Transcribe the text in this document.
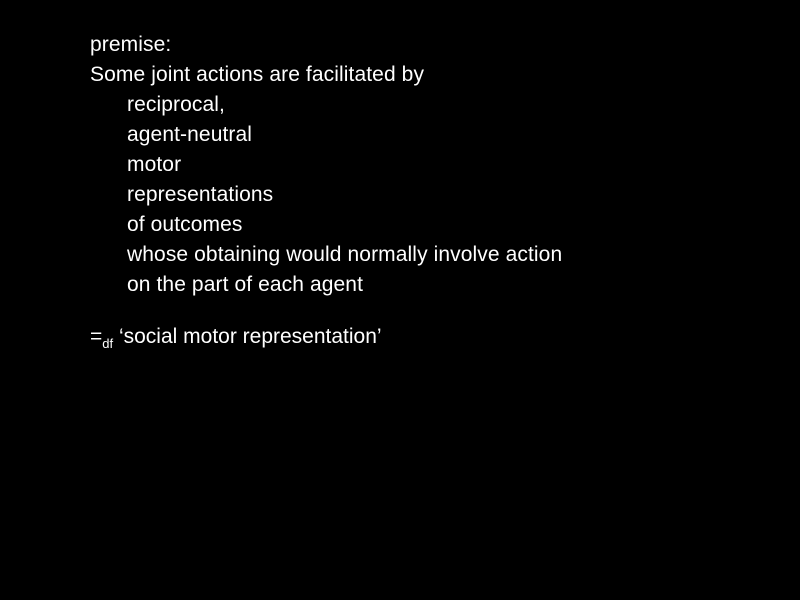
premise:
Some joint actions are facilitated by
reciprocal,
agent-neutral
motor
representations
of outcomes
whose obtaining would normally involve action
on the part of each agent
$=_{df}$ ‘social motor representation’
